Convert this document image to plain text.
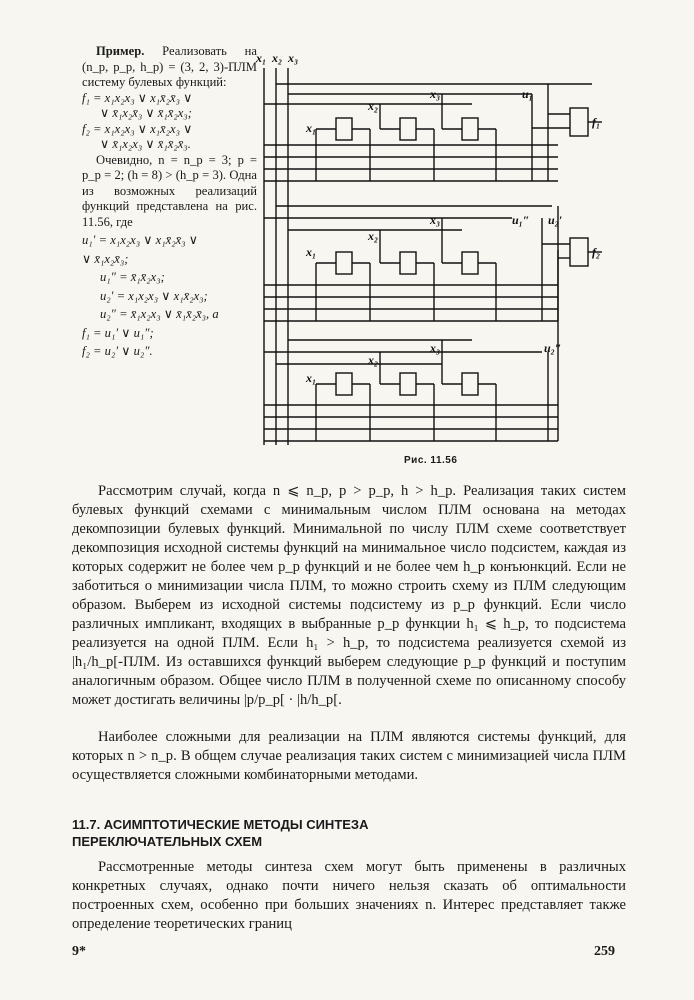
Пример. Реализовать на (n_p, p_p, h_p) = (3, 2, 3)-ПЛМ систему булевых функций:

f₁ = x₁x₂x₃ ∨ x₁x̄₂x̄₃ ∨

∨ x̄₁x₂x̄₃ ∨ x̄₁x̄₂x₃;

f₂ = x₁x₂x₃ ∨ x₁x̄₂x₃ ∨

∨ x̄₁x₂x₃ ∨ x̄₁x̄₂x̄₃.

Очевидно, n = n_p = 3; p = p_p = 2; (h = 8) > (h_p = 3). Одна из возможных реализаций функций представлена на рис. 11.56, где

u₁′ = x₁x₂x₃ ∨ x₁x̄₂x̄₃ ∨

∨ x̄₁x₂x̄₃;

u₁″ = x̄₁x̄₂x₃;

u₂′ = x₁x₂x₃ ∨ x₁x̄₂x₃;

u₂″ = x̄₁x₂x₃ ∨ x̄₁x̄₂x̄₃, а

f₁ = u₁′ ∨ u₁″;

f₂ = u₂′ ∨ u₂″.

x₁ x₂ x₃
x₁
x₂
x₃
x₁
x₂
x₃
x₁
x₂
x₃
u₁
u₁″ u₂′
u₂″
f₁
f₂
Рис. 11.56

Рассмотрим случай, когда n ⩽ n_p, p > p_p, h > h_p. Реализация таких систем булевых функций схемами с минимальным числом ПЛМ основана на методах декомпозиции булевых функций. Минимальной по числу ПЛМ схеме соответствует декомпозиция исходной системы функций на минимальное число подсистем, каждая из которых содержит не более чем p_p функций и не более чем h_p конъюнкций. Если не заботиться о минимизации числа ПЛМ, то можно строить схему из ПЛМ следующим образом. Выберем из исходной системы подсистему из p_p функций. Если число различных импликант, входящих в выбранные p_p функции h₁ ⩽ h_p, то подсистема реализуется на одной ПЛМ. Если h₁ > h_p, то подсистема реализуется схемой из |h₁/h_p[-ПЛМ. Из оставшихся функций выберем следующие p_p функций и поступим аналогичным образом. Общее число ПЛМ в полученной схеме по описанному способу может достигать величины |p/p_p[ · |h/h_p[.

Наиболее сложными для реализации на ПЛМ являются системы функций, для которых n > n_p. В общем случае реализация таких систем с минимизацией числа ПЛМ осуществляется сложными комбинаторными методами.

11.7. АСИМПТОТИЧЕСКИЕ МЕТОДЫ СИНТЕЗА ПЕРЕКЛЮЧАТЕЛЬНЫХ СХЕМ

Рассмотренные методы синтеза схем могут быть применены в различных конкретных случаях, однако почти ничего нельзя сказать об оптимальности построенных схем, особенно при больших значениях n. Интерес представляет также определение теоретических границ

9*	259
